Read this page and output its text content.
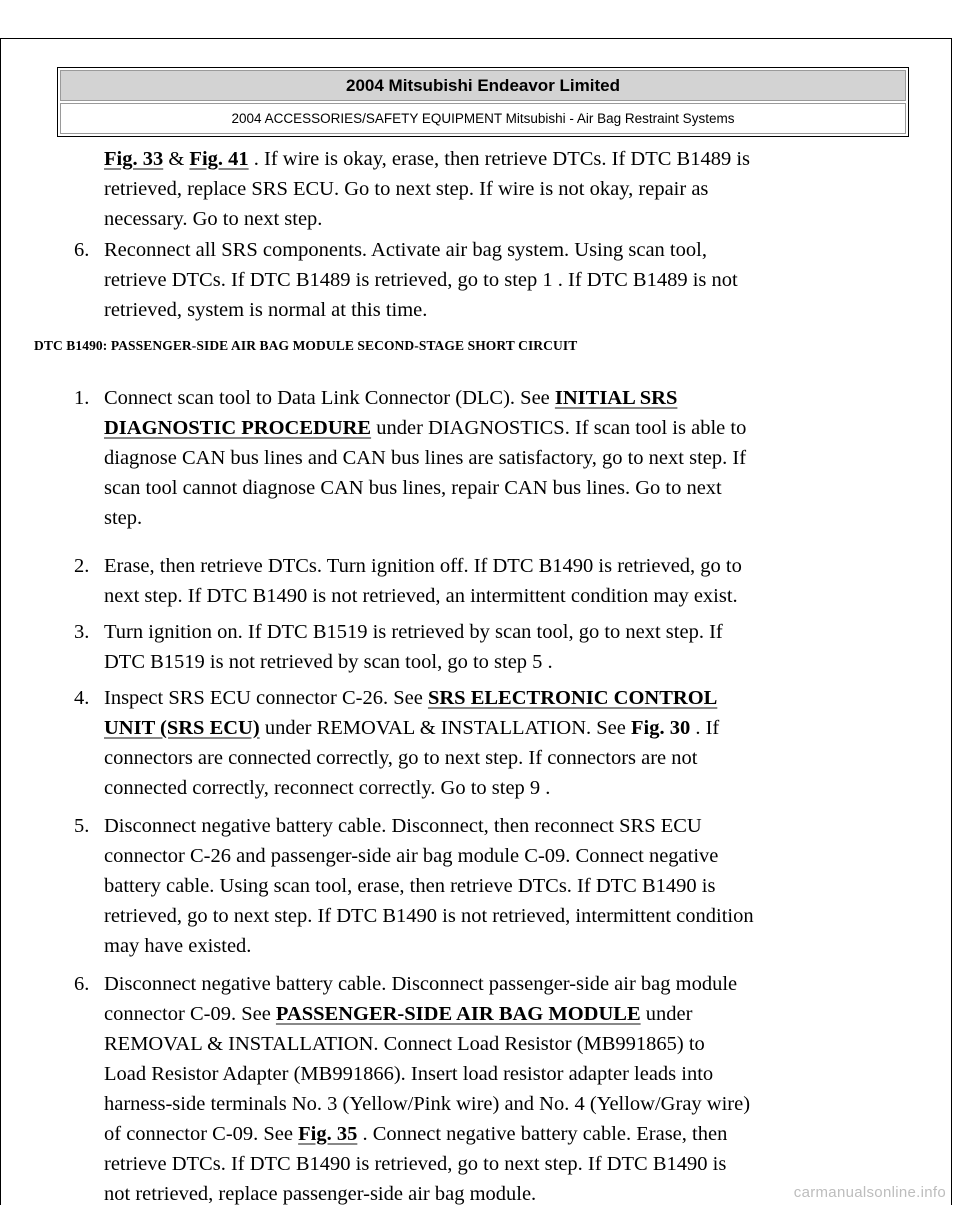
2004 Mitsubishi Endeavor Limited
2004 ACCESSORIES/SAFETY EQUIPMENT Mitsubishi - Air Bag Restraint Systems
Fig. 33 & Fig. 41 . If wire is okay, erase, then retrieve DTCs. If DTC B1489 is
retrieved, replace SRS ECU. Go to next step. If wire is not okay, repair as
necessary. Go to next step.
6. Reconnect all SRS components. Activate air bag system. Using scan tool,
retrieve DTCs. If DTC B1489 is retrieved, go to step 1 . If DTC B1489 is not
retrieved, system is normal at this time.
DTC B1490: PASSENGER-SIDE AIR BAG MODULE SECOND-STAGE SHORT CIRCUIT
1. Connect scan tool to Data Link Connector (DLC). See INITIAL SRS
DIAGNOSTIC PROCEDURE under DIAGNOSTICS. If scan tool is able to
diagnose CAN bus lines and CAN bus lines are satisfactory, go to next step. If
scan tool cannot diagnose CAN bus lines, repair CAN bus lines. Go to next
step.
2. Erase, then retrieve DTCs. Turn ignition off. If DTC B1490 is retrieved, go to
next step. If DTC B1490 is not retrieved, an intermittent condition may exist.
3. Turn ignition on. If DTC B1519 is retrieved by scan tool, go to next step. If
DTC B1519 is not retrieved by scan tool, go to step 5 .
4. Inspect SRS ECU connector C-26. See SRS ELECTRONIC CONTROL
UNIT (SRS ECU) under REMOVAL & INSTALLATION. See Fig. 30 . If
connectors are connected correctly, go to next step. If connectors are not
connected correctly, reconnect correctly. Go to step 9 .
5. Disconnect negative battery cable. Disconnect, then reconnect SRS ECU
connector C-26 and passenger-side air bag module C-09. Connect negative
battery cable. Using scan tool, erase, then retrieve DTCs. If DTC B1490 is
retrieved, go to next step. If DTC B1490 is not retrieved, intermittent condition
may have existed.
6. Disconnect negative battery cable. Disconnect passenger-side air bag module
connector C-09. See PASSENGER-SIDE AIR BAG MODULE under
REMOVAL & INSTALLATION. Connect Load Resistor (MB991865) to
Load Resistor Adapter (MB991866). Insert load resistor adapter leads into
harness-side terminals No. 3 (Yellow/Pink wire) and No. 4 (Yellow/Gray wire)
of connector C-09. See Fig. 35 . Connect negative battery cable. Erase, then
retrieve DTCs. If DTC B1490 is retrieved, go to next step. If DTC B1490 is
not retrieved, replace passenger-side air bag module.	carmanualsonline.info
